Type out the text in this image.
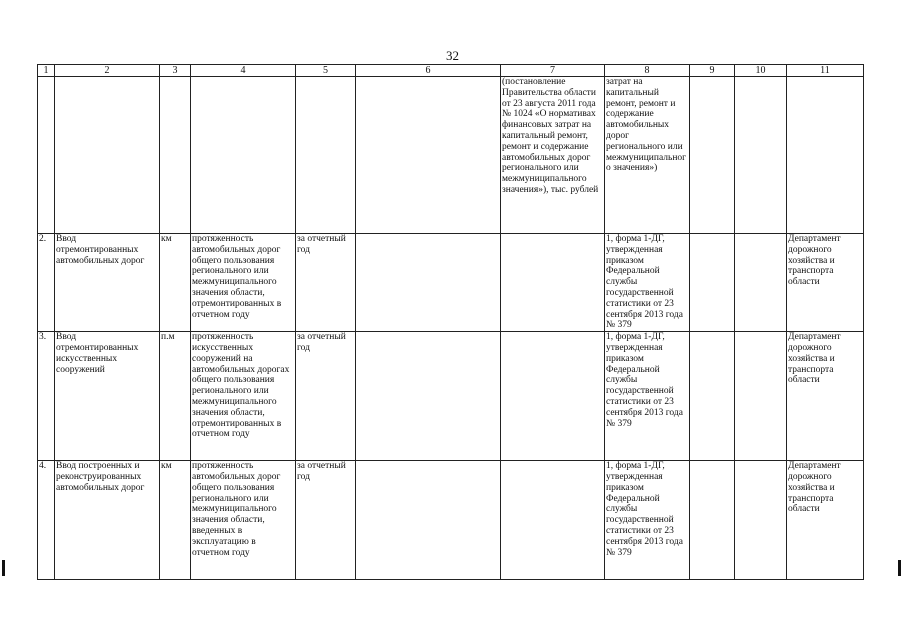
32
1	2	3	4	5	6	7	8	9	10	11
						(постановление Правительства области от 23 августа 2011 года № 1024 «О нормативах финансовых затрат на капитальный ремонт, ремонт и содержание автомобильных дорог регионального или межмуниципального значения»), тыс. рублей	затрат на капитальный ремонт, ремонт и содержание автомобильных дорог регионального или межмуниципального значения»)			
2.	Ввод отремонтированных автомобильных дорог	км	протяженность автомобильных дорог общего пользования регионального или межмуниципального значения области, отремонтированных в отчетном году	за отчетный год			1, форма 1-ДГ, утвержденная приказом Федеральной службы государственной статистики от 23 сентября 2013 года № 379			Департамент дорожного хозяйства и транспорта области
3.	Ввод отремонтированных искусственных сооружений	п.м	протяженность искусственных сооружений на автомобильных дорогах общего пользования регионального или межмуниципального значения области, отремонтированных в отчетном году	за отчетный год			1, форма 1-ДГ, утвержденная приказом Федеральной службы государственной статистики от 23 сентября 2013 года № 379			Департамент дорожного хозяйства и транспорта области
4.	Ввод построенных и реконструированных автомобильных дорог	км	протяженность автомобильных дорог общего пользования регионального или межмуниципального значения области, введенных в эксплуатацию в отчетном году	за отчетный год			1, форма 1-ДГ, утвержденная приказом Федеральной службы государственной статистики от 23 сентября 2013 года № 379			Департамент дорожного хозяйства и транспорта области
